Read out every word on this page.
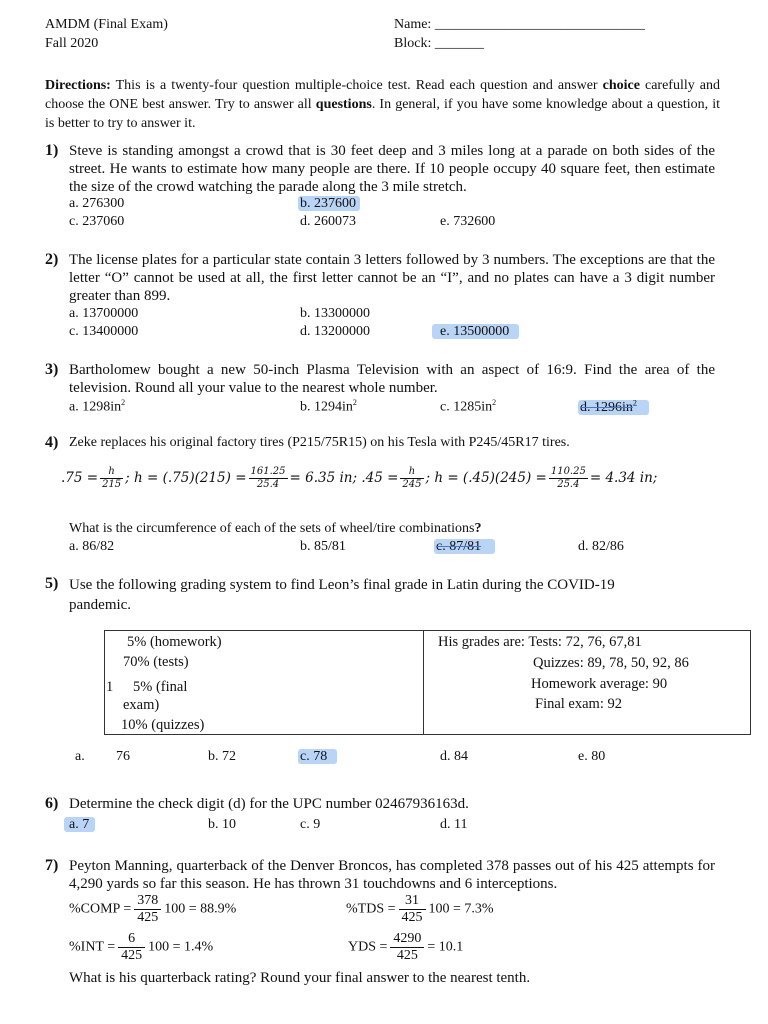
AMDM (Final Exam)
Fall 2020
Name: ______________________________
Block: _______
Directions: This is a twenty-four question multiple-choice test. Read each question and answer choice carefully and choose the ONE best answer. Try to answer all questions. In general, if you have some knowledge about a question, it is better to try to answer it.
1) Steve is standing amongst a crowd that is 30 feet deep and 3 miles long at a parade on both sides of the street. He wants to estimate how many people are there. If 10 people occupy 40 square feet, then estimate the size of the crowd watching the parade along the 3 mile stretch.
a. 276300	b. 237600
c. 237060	d. 260073	e. 732600
2) The license plates for a particular state contain 3 letters followed by 3 numbers. The exceptions are that the letter “O” cannot be used at all, the first letter cannot be an “I”, and no plates can have a 3 digit number greater than 899.
a. 13700000	b. 13300000
c. 13400000	d. 13200000	e. 13500000
3) Bartholomew bought a new 50-inch Plasma Television with an aspect of 16:9. Find the area of the television. Round all your value to the nearest whole number.
a. $1298in^2$	b. $1294in^2$	c. $1285in^2$	d. $1296in^2$
4) Zeke replaces his original factory tires (P215/75R15) on his Tesla with P245/45R17 tires.
$.75 = \frac{h}{215}$ ; $h = (.75)(215) = \frac{161.25}{25.4} = 6.35$ in; $.45 = \frac{h}{245}$ ; $h = (.45)(245) = \frac{110.25}{25.4} = 4.34$ in;
What is the circumference of each of the sets of wheel/tire combinations?
a. 86/82	b. 85/81	c. 87/81	d. 82/86
5) Use the following grading system to find Leon’s final grade in Latin during the COVID-19 pandemic.
5% (homework)
70% (tests)
1 5% (final
exam)
10% (quizzes)
His grades are: Tests: 72, 76, 67,81
Quizzes: 89, 78, 50, 92, 86
Homework average: 90
Final exam: 92
a. 76	b. 72	c. 78	d. 84	e. 80
6) Determine the check digit (d) for the UPC number 02467936163d.
a. 7	b. 10	c. 9	d. 11
7) Peyton Manning, quarterback of the Denver Broncos, has completed 378 passes out of his 425 attempts for 4,290 yards so far this season. He has thrown 31 touchdowns and 6 interceptions.
%COMP = $\frac{378}{425} 100 = 88.9\%$	$\%TDS = \frac{31}{425} 100 = 7.3\%$
$\%INT = \frac{6}{425} 100 = 1.4\%$	YDS = $\frac{4290}{425} = 10.1$
What is his quarterback rating? Round your final answer to the nearest tenth.
